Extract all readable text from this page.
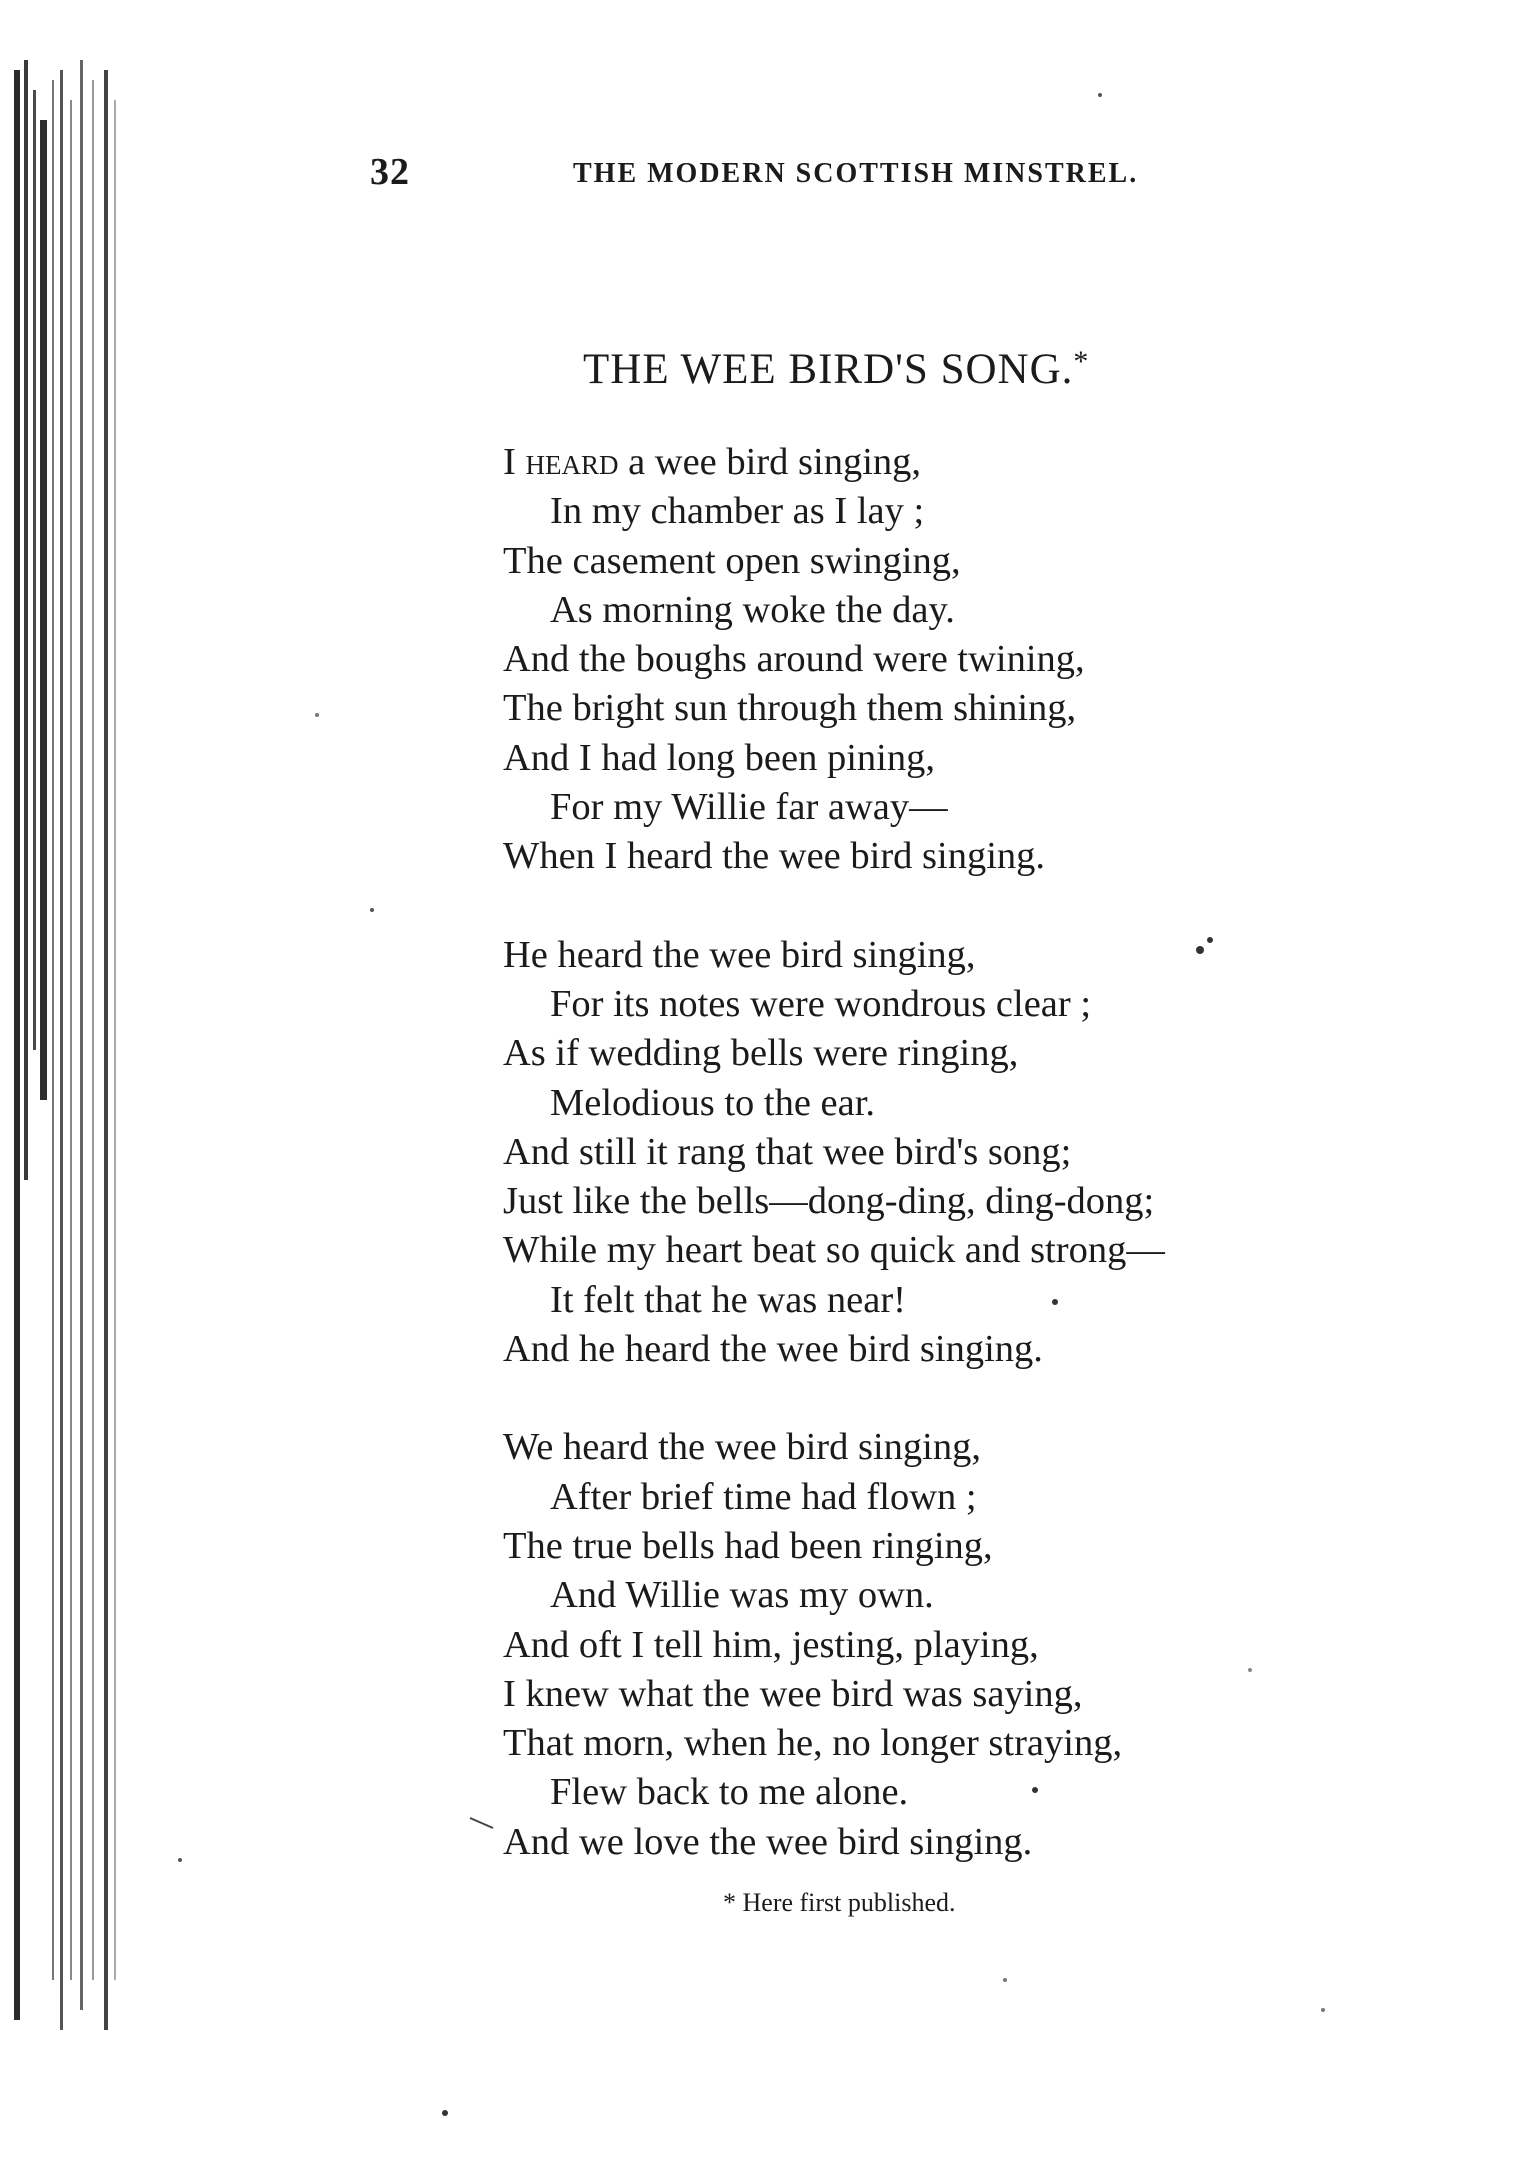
32	THE MODERN SCOTTISH MINSTREL.
THE WEE BIRD'S SONG.*
I heard a wee bird singing,
In my chamber as I lay ;
The casement open swinging,
As morning woke the day.
And the boughs around were twining,
The bright sun through them shining,
And I had long been pining,
For my Willie far away—
When I heard the wee bird singing.
He heard the wee bird singing,
For its notes were wondrous clear ;
As if wedding bells were ringing,
Melodious to the ear.
And still it rang that wee bird's song;
Just like the bells—dong-ding, ding-dong;
While my heart beat so quick and strong—
It felt that he was near!
And he heard the wee bird singing.
We heard the wee bird singing,
After brief time had flown ;
The true bells had been ringing,
And Willie was my own.
And oft I tell him, jesting, playing,
I knew what the wee bird was saying,
That morn, when he, no longer straying,
Flew back to me alone.
And we love the wee bird singing.
* Here first published.
